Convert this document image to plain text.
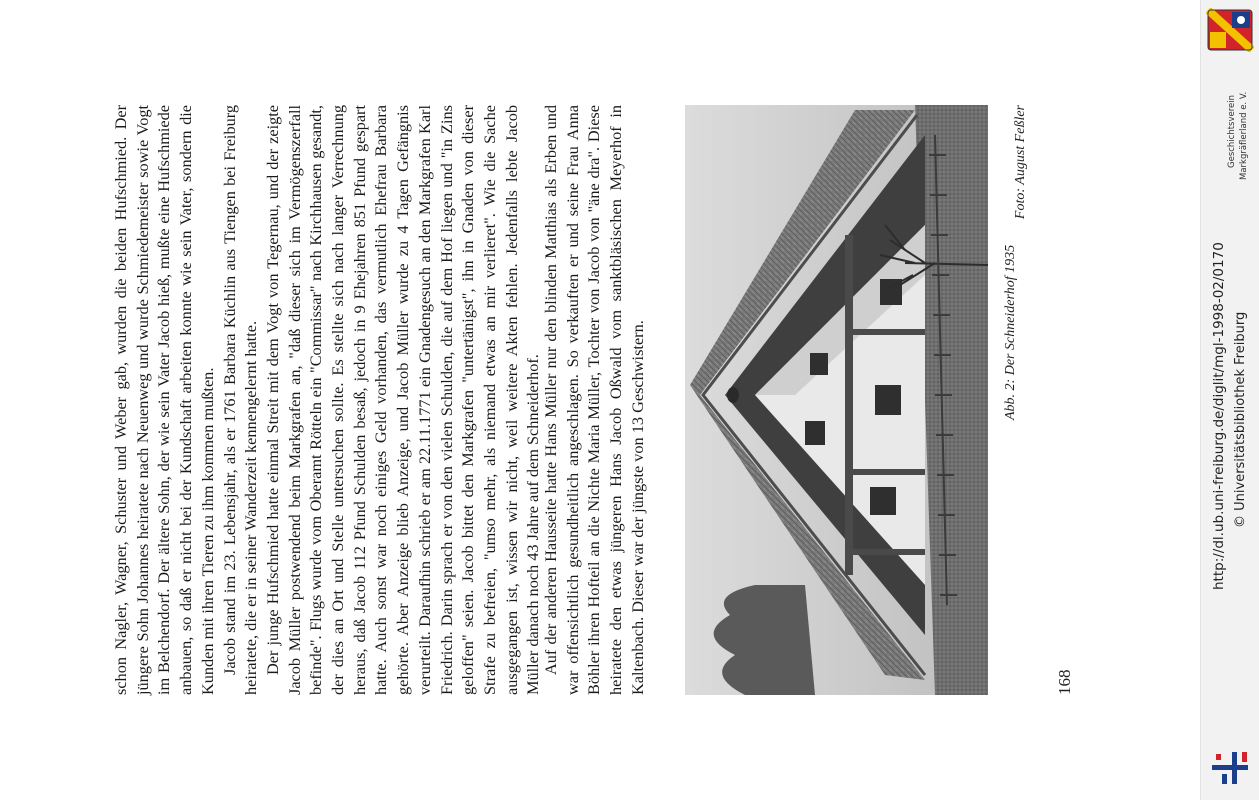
schon Nagler, Wagner, Schuster und Weber gab, wurden die beiden Hufschmied. Der jüngere Sohn Johannes heiratete nach Neuenweg und wurde Schmiedemeister sowie Vogt im Belchendorf. Der ältere Sohn, der wie sein Vater Jacob hieß, mußte eine Hufschmiede anbauen, so daß er nicht bei der Kundschaft arbeiten konnte wie sein Vater, sondern die Kunden mit ihren Tieren zu ihm kommen mußten. Jacob stand im 23. Lebensjahr, als er 1761 Barbara Küchlin aus Tiengen bei Freiburg heiratete, die er in seiner Wanderzeit kennengelernt hatte. Der junge Hufschmied hatte einmal Streit mit dem Vogt von Tegernau, und der zeigte Jacob Müller postwendend beim Markgrafen an, "daß dieser sich im Vermögenszerfall befinde". Flugs wurde vom Oberamt Rötteln ein "Commissar" nach Kirchhausen gesandt, der dies an Ort und Stelle untersuchen sollte. Es stellte sich nach langer Verrechnung heraus, daß Jacob 112 Pfund Schulden besaß, jedoch in 9 Ehejahren 851 Pfund gespart hatte. Auch sonst war noch einiges Geld vorhanden, das vermutlich Ehefrau Barbara gehörte. Aber Anzeige blieb Anzeige, und Jacob Müller wurde zu 4 Tagen Gefängnis verurteilt. Daraufhin schrieb er am 22.11.1771 ein Gnadengesuch an den Markgrafen Karl Friedrich. Darin sprach er von den vielen Schulden, die auf dem Hof liegen und "in Zins geloffen" seien. Jacob bittet den Markgrafen "untertänigst", ihn in Gnaden von dieser Strafe zu befreien, "umso mehr, als niemand etwas an mir verlieret". Wie die Sache ausgegangen ist, wissen wir nicht, weil weitere Akten fehlen. Jedenfalls lebte Jacob Müller danach noch 43 Jahre auf dem Schneiderhof.

Auf der anderen Hausseite hatte Hans Müller nur den blinden Matthias als Erben und war offensichtlich gesundheitlich angeschlagen. So verkauften er und seine Frau Anna Böhler ihren Hofteil an die Nichte Maria Müller, Tochter von Jacob von "äne dra". Diese heiratete den etwas jüngeren Hans Jacob Oßwald vom sanktbläsischen Meyerhof in Kaltenbach. Dieser war der jüngste von 13 Geschwistern.	Abb. 2: Der Schneiderhof 1935
Foto: August Feßler
168
http://dl.ub.uni-freiburg.de/diglit/mgl-1998-02/0170 © Universitätsbibliothek Freiburg
Geschichtsverein Markgräflerland e. V.
